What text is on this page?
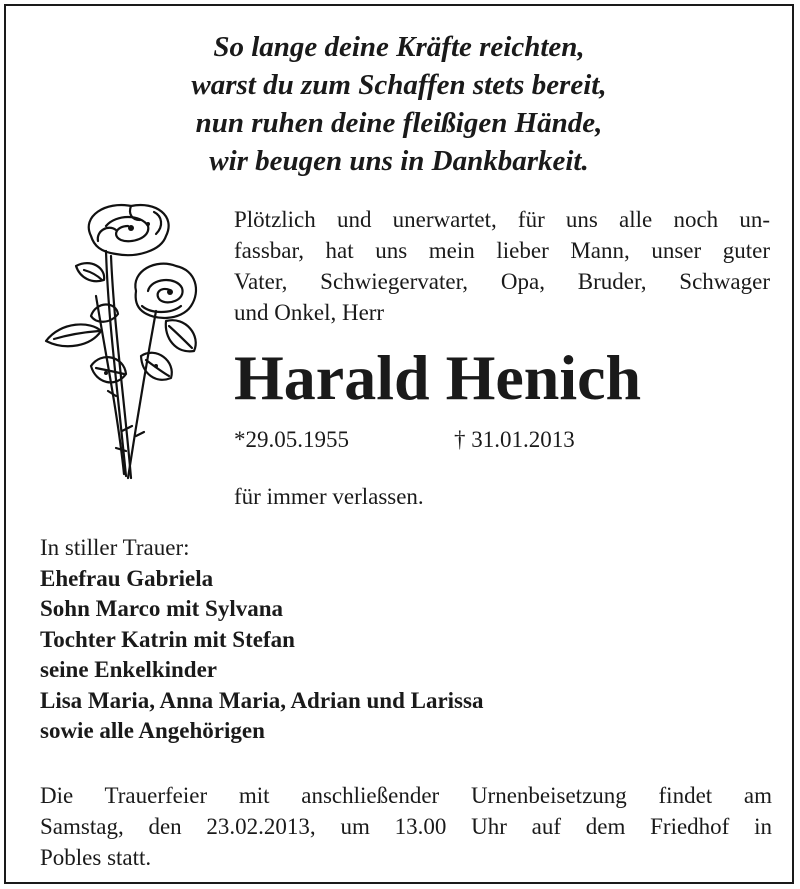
So lange deine Kräfte reichten,
warst du zum Schaffen stets bereit,
nun ruhen deine fleißigen Hände,
wir beugen uns in Dankbarkeit.
Plötzlich und unerwartet, für uns alle noch un-
fassbar, hat uns mein lieber Mann, unser guter
Vater, Schwiegervater, Opa, Bruder, Schwager
und Onkel, Herr
Harald Henich
*29.05.1955	† 31.01.2013
für immer verlassen.
In stiller Trauer:
Ehefrau Gabriela
Sohn Marco mit Sylvana
Tochter Katrin mit Stefan
seine Enkelkinder
Lisa Maria, Anna Maria, Adrian und Larissa
sowie alle Angehörigen
Die Trauerfeier mit anschließender Urnenbeisetzung findet am
Samstag, den 23.02.2013, um 13.00 Uhr auf dem Friedhof in
Pobles statt.
